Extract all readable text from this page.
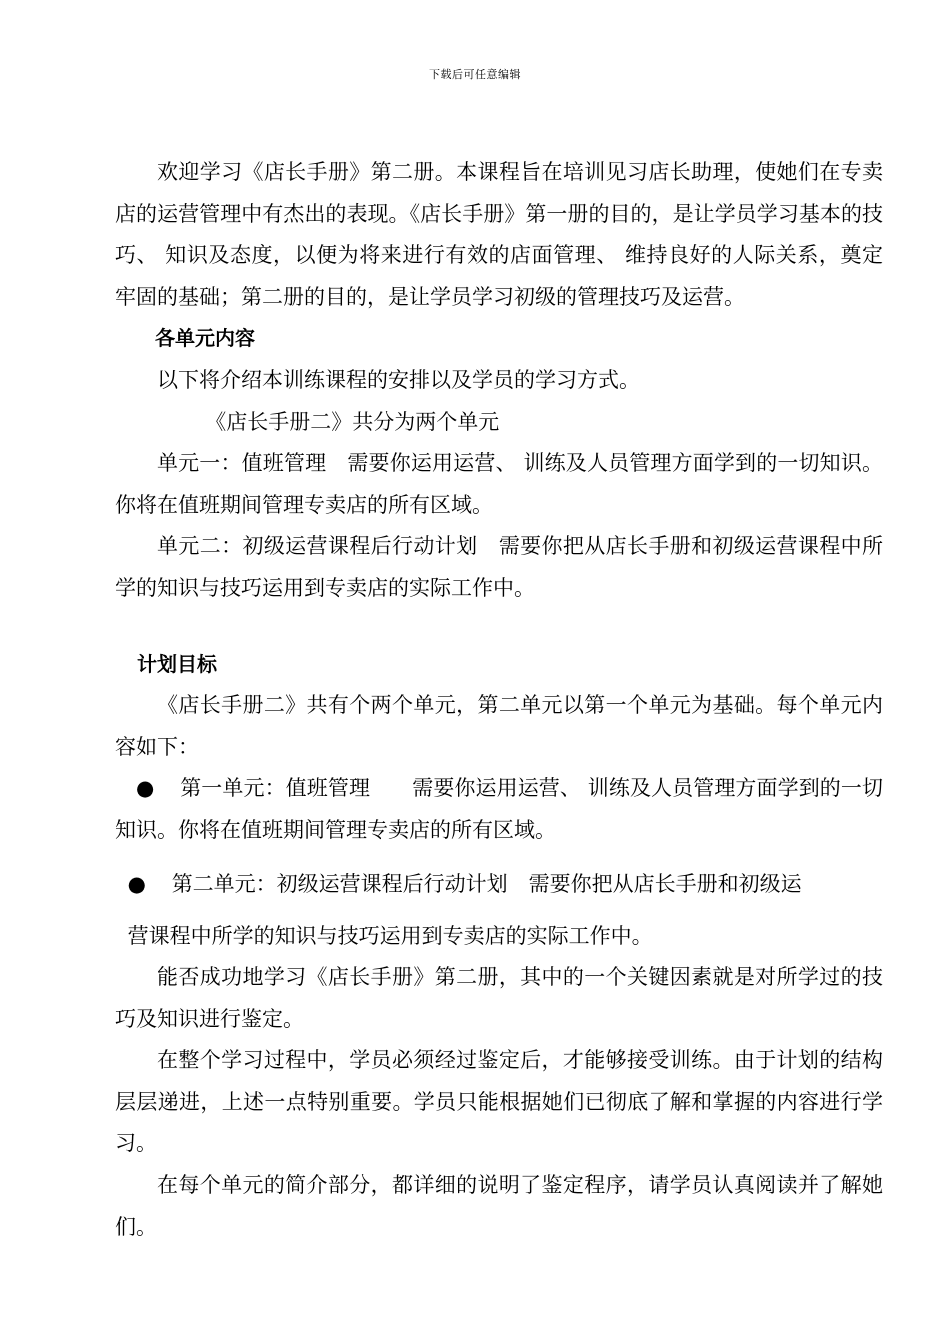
下载后可任意编辑

欢迎学习《店长手册》第二册。本课程旨在培训见习店长助理，使她们在专卖店的运营管理中有杰出的表现。《店长手册》第一册的目的，是让学员学习基本的技巧、 知识及态度，以便为将来进行有效的店面管理、 维持良好的人际关系，奠定牢固的基础；第二册的目的，是让学员学习初级的管理技巧及运营。

各单元内容

以下将介绍本训练课程的安排以及学员的学习方式。

《店长手册二》共分为两个单元

单元一：值班管理　需要你运用运营、 训练及人员管理方面学到的一切知识。你将在值班期间管理专卖店的所有区域。

单元二：初级运营课程后行动计划　需要你把从店长手册和初级运营课程中所学的知识与技巧运用到专卖店的实际工作中。

计划目标

《店长手册二》共有个两个单元，第二单元以第一个单元为基础。每个单元内容如下：

● 第一单元：值班管理　　需要你运用运营、 训练及人员管理方面学到的一切知识。你将在值班期间管理专卖店的所有区域。

● 第二单元：初级运营课程后行动计划　需要你把从店长手册和初级运

营课程中所学的知识与技巧运用到专卖店的实际工作中。

能否成功地学习《店长手册》第二册，其中的一个关键因素就是对所学过的技巧及知识进行鉴定。

在整个学习过程中，学员必须经过鉴定后，才能够接受训练。由于计划的结构层层递进，上述一点特别重要。学员只能根据她们已彻底了解和掌握的内容进行学习。

在每个单元的简介部分，都详细的说明了鉴定程序，请学员认真阅读并了解她们。
